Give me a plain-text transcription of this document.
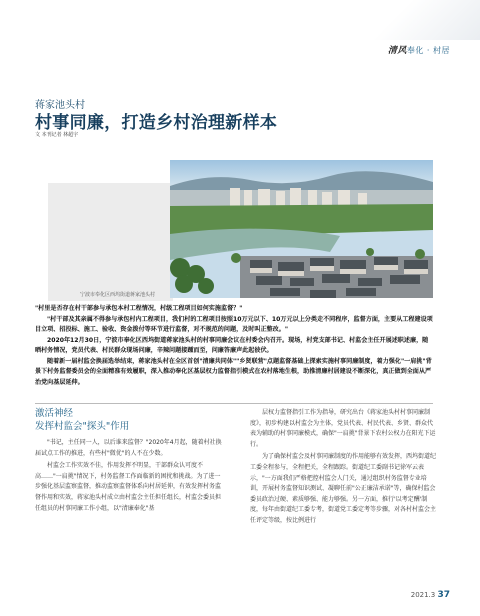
清风奉化 · 村居
蒋家池头村
村事同廉，打造乡村治理新样本
文 本刊记者 林超宇
宁波市奉化区西坞街道蒋家池头村

"村里是否存在村干部参与承包本村工程情况，村级工程项目如何实施监督？"

"村干部及其亲属不得参与承包村内工程项目，我们村的工程项目按照10万元以下、10万元以上分类走不同程序，监督方面，主要从工程建设项目立项、招投标、施工、验收、资金拨付等环节进行监督，对不规范的问题，及时叫正整改。"

2020年12月30日，宁波市奉化区西坞街道蒋家池头村的村事同廉会议在村委会内召开。现场，村党支部书记、村监会主任开展述职述廉，随晒村务情况，党员代表、村民群众现场问廉，辛辣问题接踵而至，问廉答廉声此起彼伏。

随着新一届村监会换届选举结束，蒋家池头村在全区首创"清廉共同体""乡贤联营"点题监督基础上探索实施村事同廉制度，着力强化"一肩挑"背景下村务监督委员会的全面精准有效履职，深入推动奉化区基层权力监督指引模式在农村落地生根，助推清廉村居建设不断深化，真正做到全面从严治党向基层延伸。

激活神经
发挥村监会"探头"作用

"书记，主任同一人，以后谁来监督？"2020年4月起，随着村社换届试点工作的推进，有些村"微优"的人不在少数。

村监会工作实效不佳，作用发挥不明显，干部群众认可度不高……"一肩挑"情况下，村务监督工作面临新的困扰和挑战。为了进一步强化基层监察监督，推动监察监督体系向村居延伸，有效发挥村务监督作用和实效，蒋家池头村成立由村监会主任担任组长，村监会委员担任组员的村事同廉工作小组，以"清廉奉化"基

层权力监督指引工作为指导，研究出台《蒋家池头村村事同廉制度》，初步构建以村监会为主体，党员代表、村民代表、乡贤、群众代表为辅助的村事同廉模式，确保"一肩挑"背景下农村公权力在阳光下运行。

为了确保村监会及村事同廉制度的作用能够有效发挥，西坞街道纪工委全程参与，全程把关，全程跟踪。街道纪工委副书记徐军云表示，"一方面我们严格把控村监会人门关，通过组织村务监督专业培训，开展村务监督知识测试、凝聊任前"公正廉洁承诺"等，确保村监会委员政治过硬、素质够强、能力够强。另一方面，推行'以考定酬'制度，每年由街道纪工委专考，街道党工委定考等步骤，对各村村监会主任评定等级，按比例进行

2021.3 37
